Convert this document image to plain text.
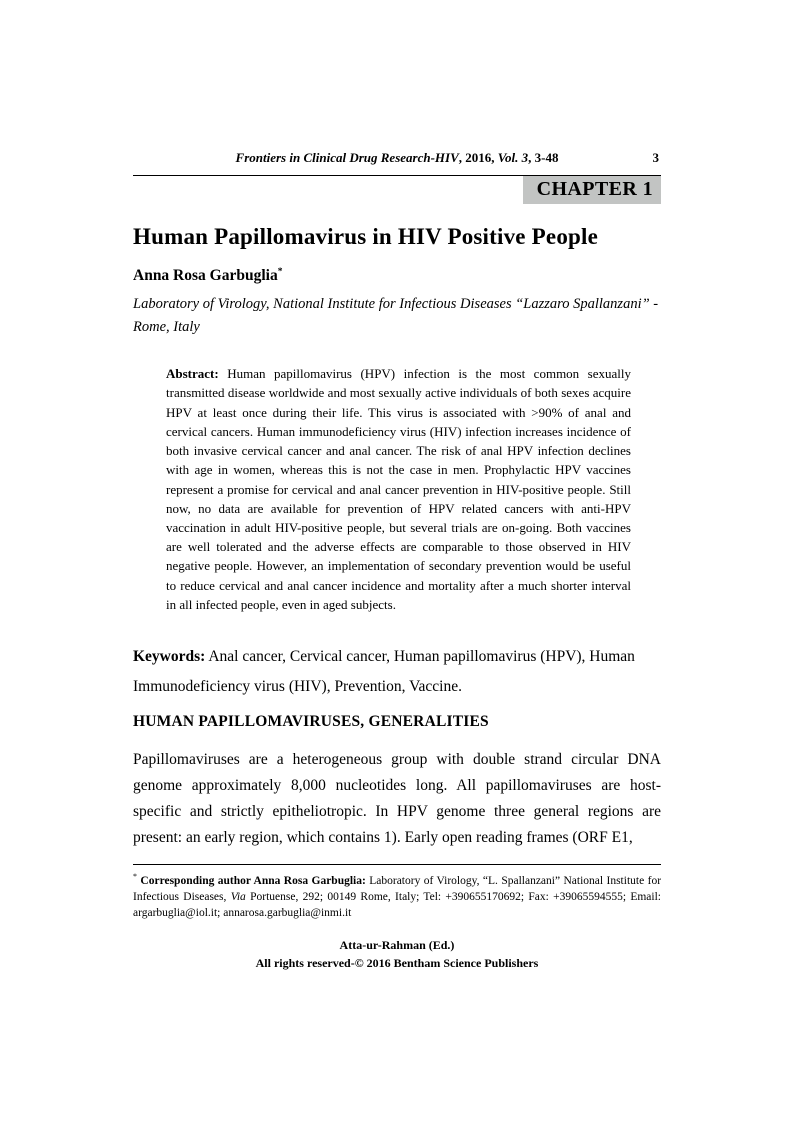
Frontiers in Clinical Drug Research-HIV, 2016, Vol. 3, 3-48	3
CHAPTER 1
Human Papillomavirus in HIV Positive People
Anna Rosa Garbuglia*
Laboratory of Virology, National Institute for Infectious Diseases “Lazzaro Spallanzani” - Rome, Italy

Abstract: Human papillomavirus (HPV) infection is the most common sexually transmitted disease worldwide and most sexually active individuals of both sexes acquire HPV at least once during their life. This virus is associated with >90% of anal and cervical cancers. Human immunodeficiency virus (HIV) infection increases incidence of both invasive cervical cancer and anal cancer. The risk of anal HPV infection declines with age in women, whereas this is not the case in men. Prophylactic HPV vaccines represent a promise for cervical and anal cancer prevention in HIV-positive people. Still now, no data are available for prevention of HPV related cancers with anti-HPV vaccination in adult HIV-positive people, but several trials are on-going. Both vaccines are well tolerated and the adverse effects are comparable to those observed in HIV negative people. However, an implementation of secondary prevention would be useful to reduce cervical and anal cancer incidence and mortality after a much shorter interval in all infected people, even in aged subjects.

Keywords: Anal cancer, Cervical cancer, Human papillomavirus (HPV), Human Immunodeficiency virus (HIV), Prevention, Vaccine.

HUMAN PAPILLOMAVIRUSES, GENERALITIES

Papillomaviruses are a heterogeneous group with double strand circular DNA genome approximately 8,000 nucleotides long. All papillomaviruses are host-specific and strictly epitheliotropic. In HPV genome three general regions are present: an early region, which contains 1). Early open reading frames (ORF E1,

* Corresponding author Anna Rosa Garbuglia: Laboratory of Virology, “L. Spallanzani” National Institute for Infectious Diseases, Via Portuense, 292; 00149 Rome, Italy; Tel: +390655170692; Fax: +39065594555; Email: argarbuglia@iol.it; annarosa.garbuglia@inmi.it

Atta-ur-Rahman (Ed.)
All rights reserved-© 2016 Bentham Science Publishers
